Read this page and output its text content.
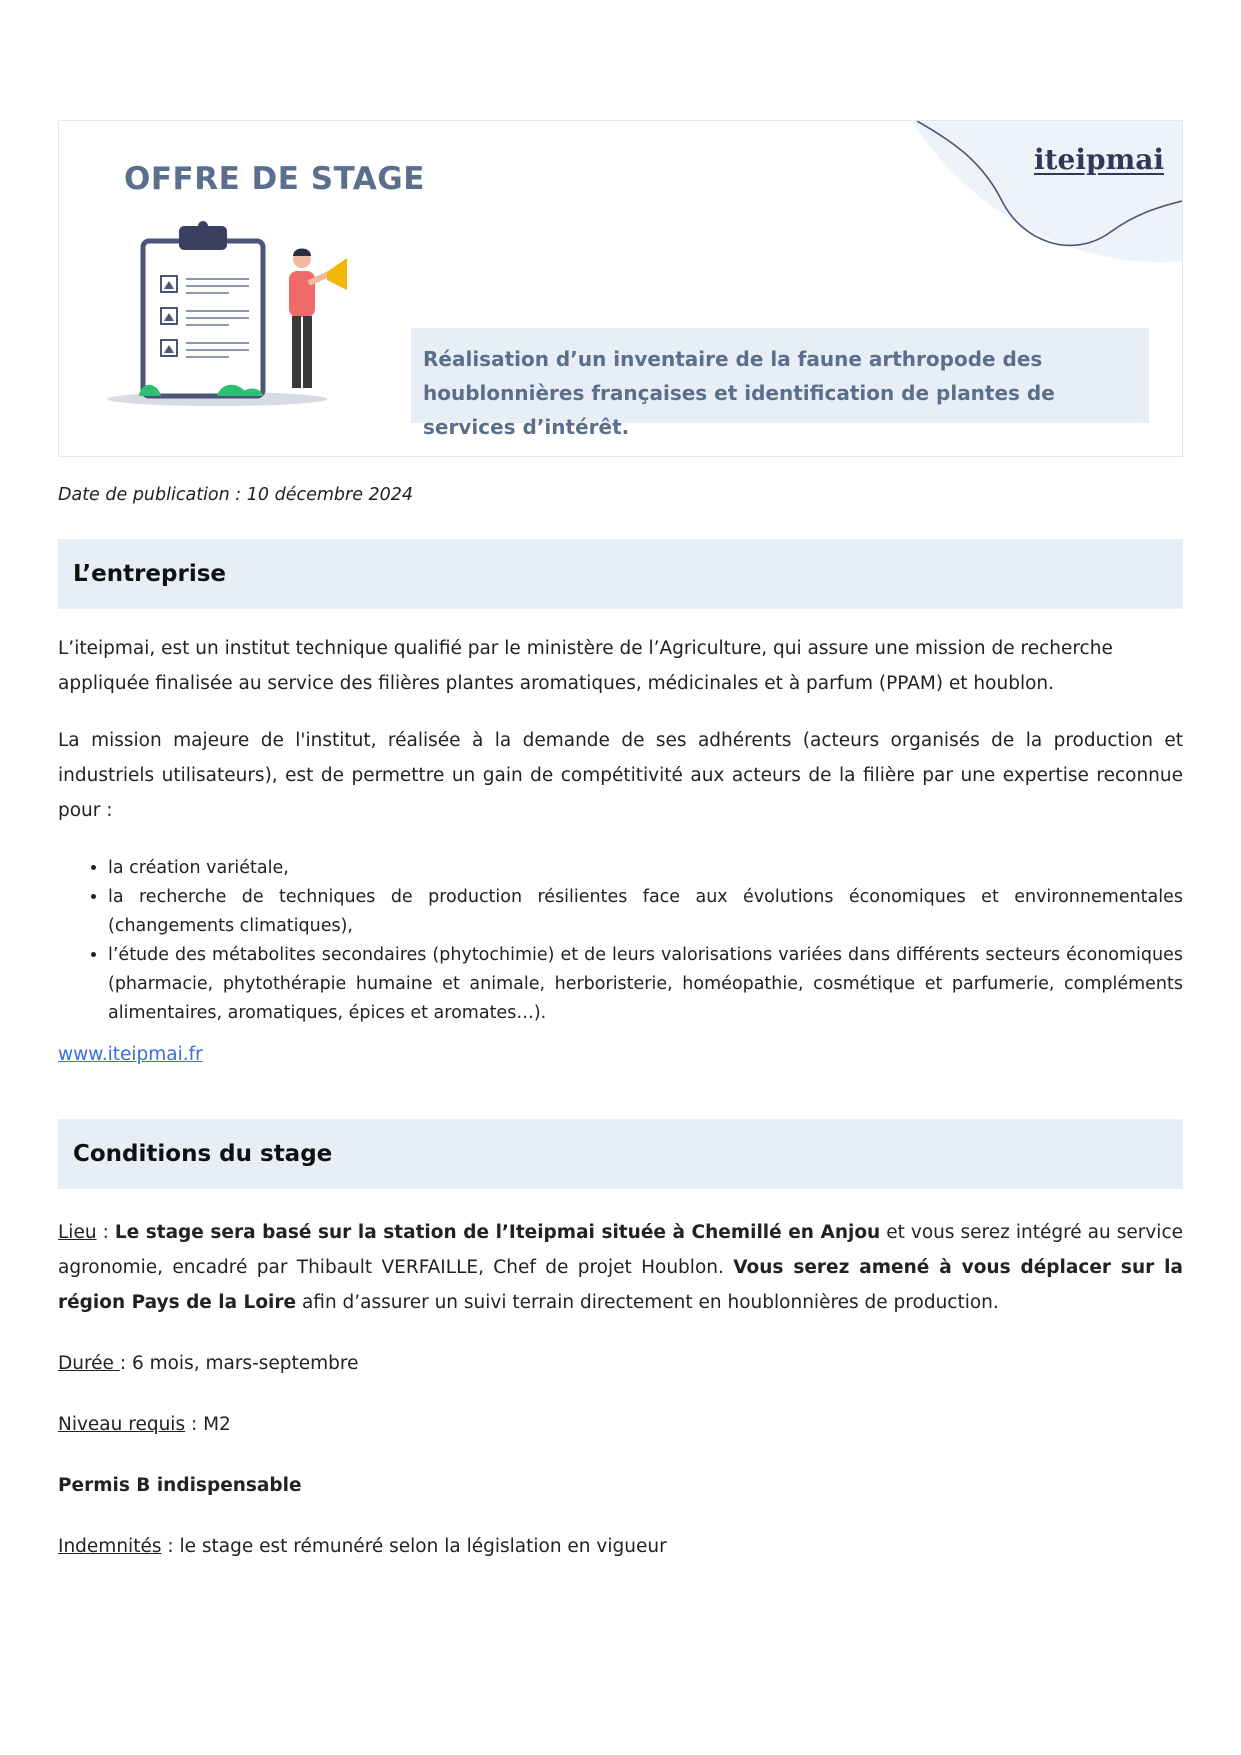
OFFRE DE STAGE
iteipmai

Réalisation d’un inventaire de la faune arthropode des houblonnières françaises et identification de plantes de services d’intérêt.

Date de publication : 10 décembre 2024
L’entreprise

L’iteipmai, est un institut technique qualifié par le ministère de l’Agriculture, qui assure une mission de recherche appliquée finalisée au service des filières plantes aromatiques, médicinales et à parfum (PPAM) et houblon.

La mission majeure de l'institut, réalisée à la demande de ses adhérents (acteurs organisés de la production et industriels utilisateurs), est de permettre un gain de compétitivité aux acteurs de la filière par une expertise reconnue pour :

• la création variétale,
• la recherche de techniques de production résilientes face aux évolutions économiques et environnementales (changements climatiques),
• l’étude des métabolites secondaires (phytochimie) et de leurs valorisations variées dans différents secteurs économiques (pharmacie, phytothérapie humaine et animale, herboristerie, homéopathie, cosmétique et parfumerie, compléments alimentaires, aromatiques, épices et aromates…).
www.iteipmai.fr
Conditions du stage

Lieu : Le stage sera basé sur la station de l’Iteipmai située à Chemillé en Anjou et vous serez intégré au service agronomie, encadré par Thibault VERFAILLE, Chef de projet Houblon. Vous serez amené à vous déplacer sur la région Pays de la Loire afin d’assurer un suivi terrain directement en houblonnières de production.

Durée : 6 mois, mars-septembre

Niveau requis : M2

Permis B indispensable

Indemnités : le stage est rémunéré selon la législation en vigueur
